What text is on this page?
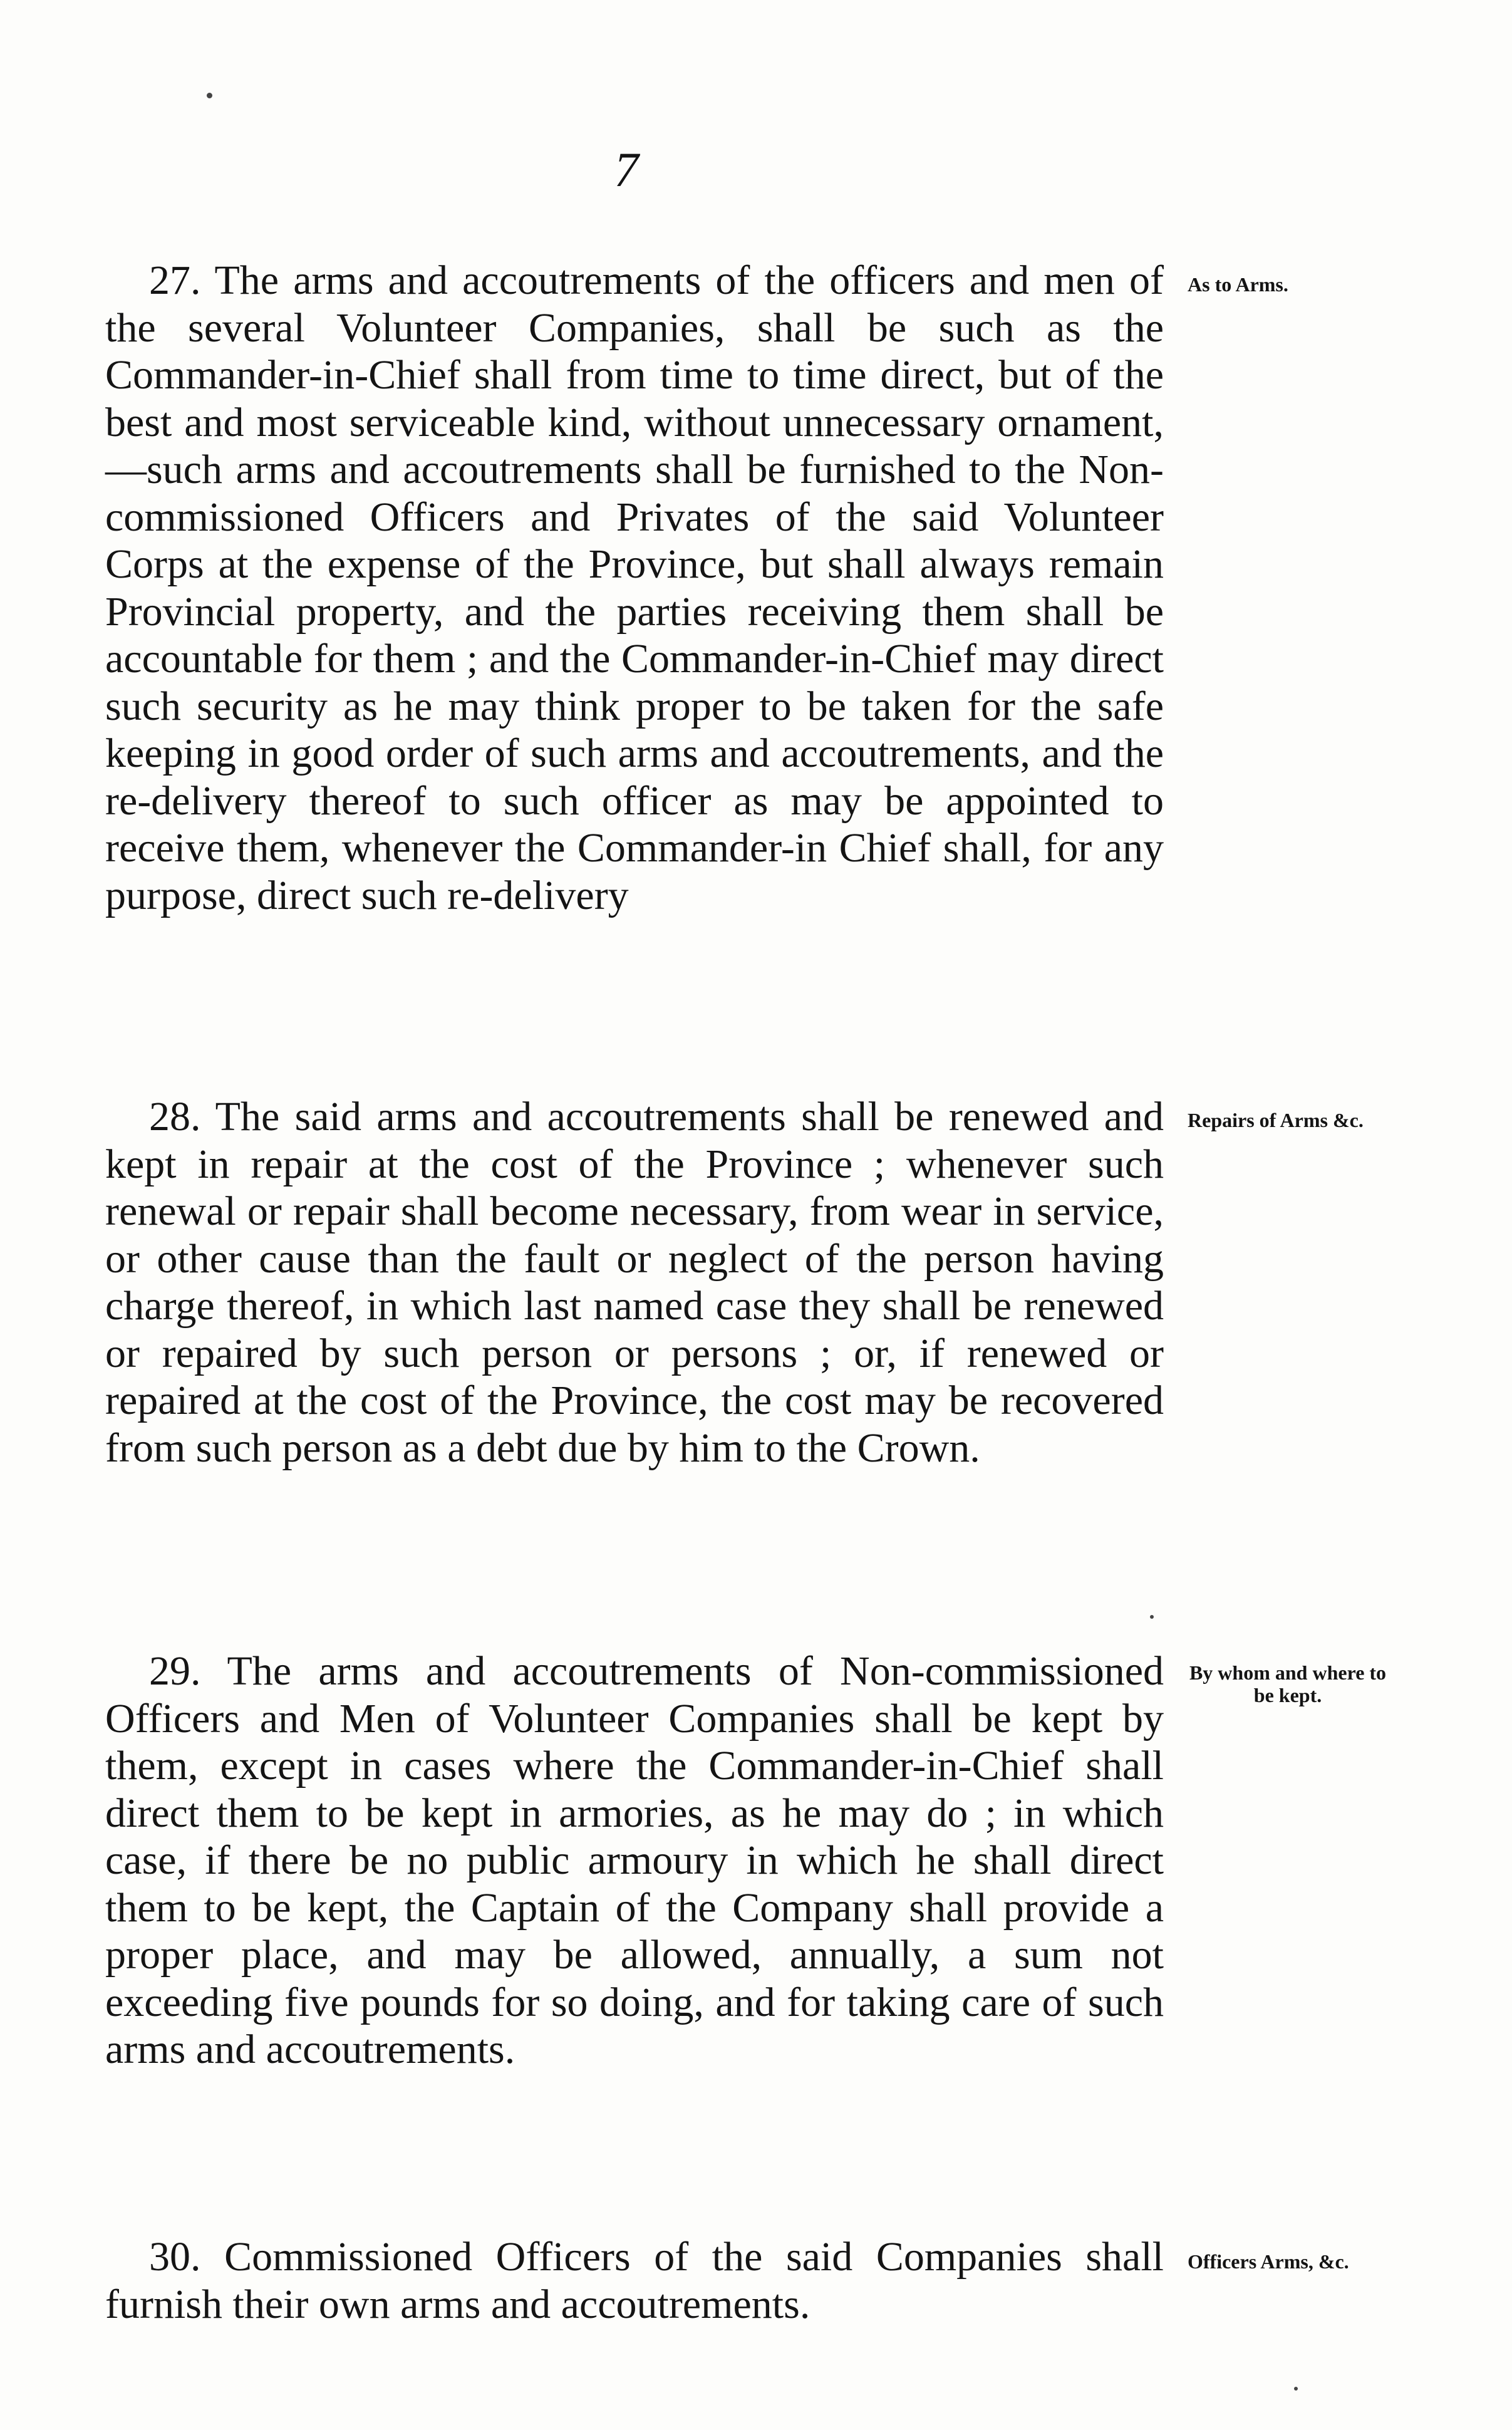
7

27. The arms and accoutrements of the officers and men of the several Volunteer Companies, shall be such as the Commander-in-Chief shall from time to time direct, but of the best and most serviceable kind, without unnecessary ornament,—such arms and accoutrements shall be furnished to the Non-commissioned Officers and Privates of the said Volunteer Corps at the expense of the Province, but shall always remain Provincial property, and the parties receiving them shall be accountable for them ; and the Commander-in-Chief may direct such security as he may think proper to be taken for the safe keeping in good order of such arms and accoutrements, and the re-delivery thereof to such officer as may be appointed to receive them, whenever the Commander-in Chief shall, for any purpose, direct such re-delivery

As to Arms.

28. The said arms and accoutrements shall be renewed and kept in repair at the cost of the Province ; whenever such renewal or repair shall become necessary, from wear in service, or other cause than the fault or neglect of the person having charge thereof, in which last named case they shall be renewed or repaired by such person or persons ; or, if renewed or repaired at the cost of the Province, the cost may be recovered from such person as a debt due by him to the Crown.

Repairs of Arms &c.

29. The arms and accoutrements of Non-commissioned Officers and Men of Volunteer Companies shall be kept by them, except in cases where the Commander-in-Chief shall direct them to be kept in armories, as he may do ; in which case, if there be no public armoury in which he shall direct them to be kept, the Captain of the Company shall provide a proper place, and may be allowed, annually, a sum not exceeding five pounds for so doing, and for taking care of such arms and accoutrements.

By whom and where to be kept.

30. Commissioned Officers of the said Companies shall furnish their own arms and accoutrements.

Officers Arms, &c.
